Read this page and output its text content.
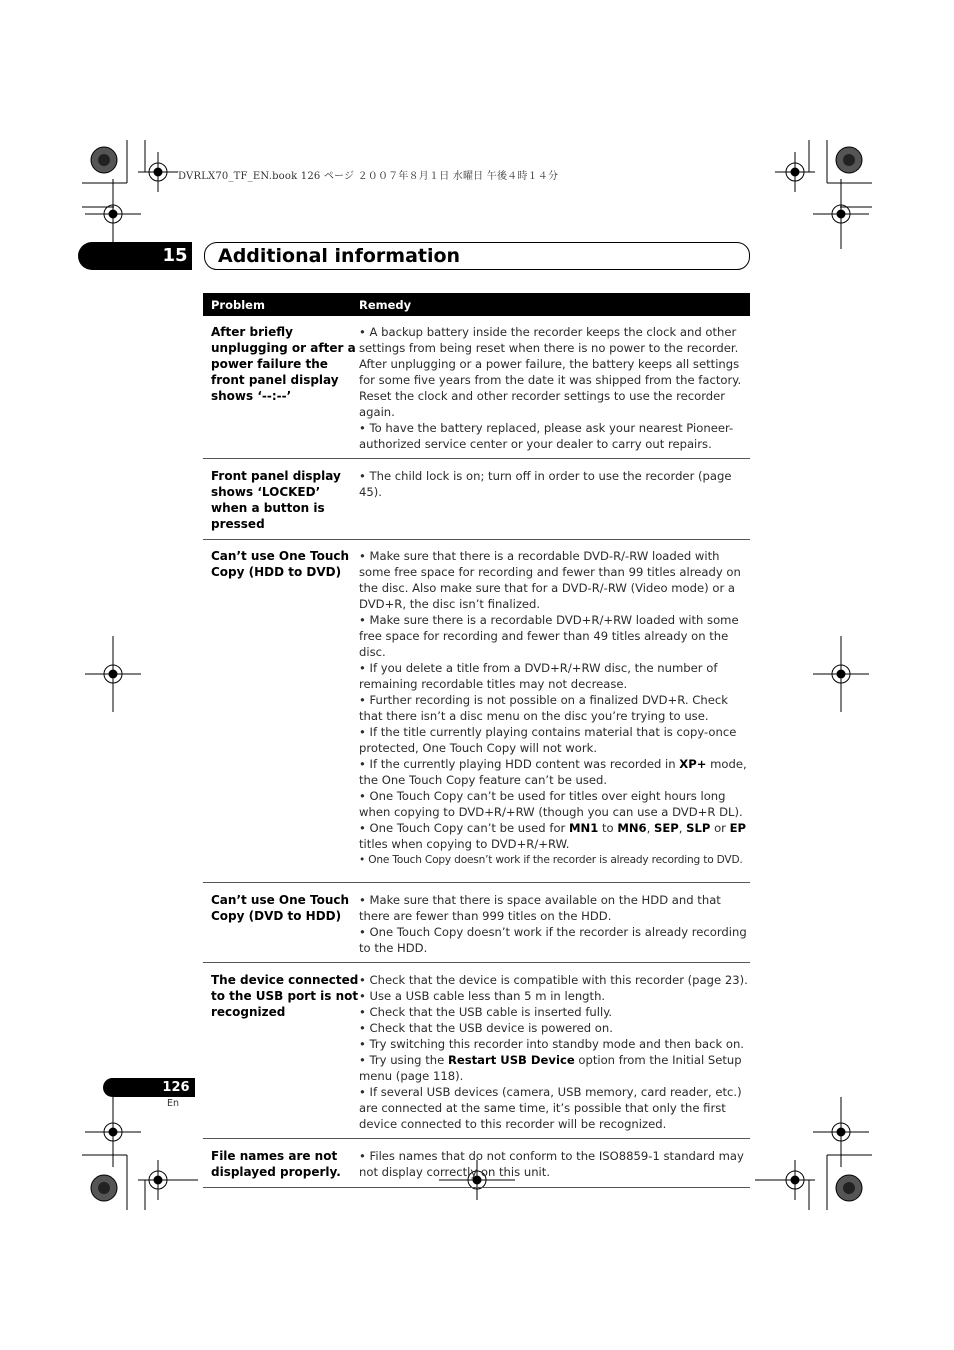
DVRLX70_TF_EN.book 126 ページ ２００７年８月１日 水曜日 午後４時１４分
15 Additional information
Problem	Remedy
After briefly unplugging or after a power failure the front panel display shows ‘--:--’

• A backup battery inside the recorder keeps the clock and other settings from being reset when there is no power to the recorder. After unplugging or a power failure, the battery keeps all settings for some five years from the date it was shipped from the factory. Reset the clock and other recorder settings to use the recorder again.

• To have the battery replaced, please ask your nearest Pioneer-authorized service center or your dealer to carry out repairs.

Front panel display shows ‘LOCKED’ when a button is pressed

• The child lock is on; turn off in order to use the recorder (page 45).

Can’t use One Touch Copy (HDD to DVD)

• Make sure that there is a recordable DVD-R/-RW loaded with some free space for recording and fewer than 99 titles already on the disc. Also make sure that for a DVD-R/-RW (Video mode) or a DVD+R, the disc isn’t finalized.

• Make sure there is a recordable DVD+R/+RW loaded with some free space for recording and fewer than 49 titles already on the disc.

• If you delete a title from a DVD+R/+RW disc, the number of remaining recordable titles may not decrease.

• Further recording is not possible on a finalized DVD+R. Check that there isn’t a disc menu on the disc you’re trying to use.

• If the title currently playing contains material that is copy-once protected, One Touch Copy will not work.

• If the currently playing HDD content was recorded in XP+ mode, the One Touch Copy feature can’t be used.

• One Touch Copy can’t be used for titles over eight hours long when copying to DVD+R/+RW (though you can use a DVD+R DL).

• One Touch Copy can’t be used for MN1 to MN6, SEP, SLP or EP titles when copying to DVD+R/+RW.

• One Touch Copy doesn’t work if the recorder is already recording to DVD.

Can’t use One Touch Copy (DVD to HDD)

• Make sure that there is space available on the HDD and that there are fewer than 999 titles on the HDD.

• One Touch Copy doesn’t work if the recorder is already recording to the HDD.

The device connected to the USB port is not recognized

• Check that the device is compatible with this recorder (page 23).

• Use a USB cable less than 5 m in length.

• Check that the USB cable is inserted fully.

• Check that the USB device is powered on.

• Try switching this recorder into standby mode and then back on.

• Try using the Restart USB Device option from the Initial Setup menu (page 118).

• If several USB devices (camera, USB memory, card reader, etc.) are connected at the same time, it’s possible that only the first device connected to this recorder will be recognized.

File names are not displayed properly.

• Files names that do not conform to the ISO8859-1 standard may not display correctly on this unit.

126
En
